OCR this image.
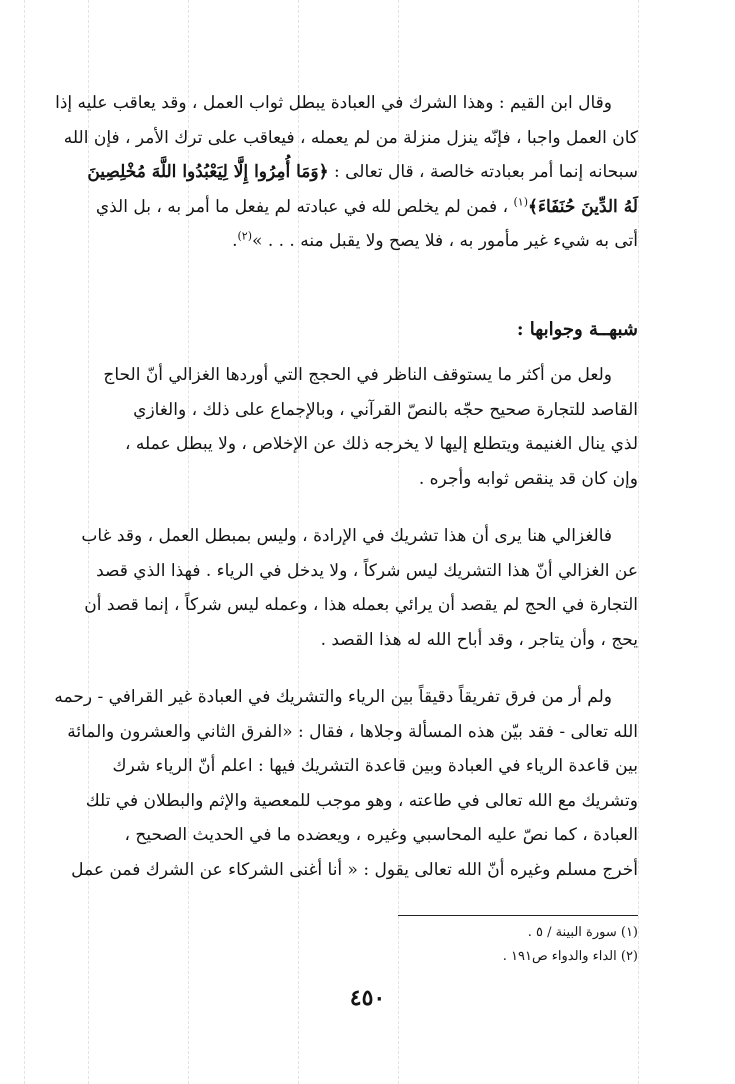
وقال ابن القيم : وهذا الشرك في العبادة يبطل ثواب العمل ، وقد يعاقب عليه إذا
كان العمل واجبا ، فإنّه ينزل منزلة من لم يعمله ، فيعاقب على ترك الأمر ، فإن الله
سبحانه إنما أمر بعبادته خالصة ، قال تعالى : ﴿وَمَا أُمِرُوا إِلَّا لِيَعْبُدُوا اللَّهَ مُخْلِصِينَ
لَهُ الدِّينَ حُنَفَاءَ﴾$^{(١)}$ ، فمن لم يخلص لله في عبادته لم يفعل ما أمر به ، بل الذي
أتى به شيء غير مأمور به ، فلا يصح ولا يقبل منه . . . »$^{(٢)}$.
شبهــة وجوابها :
ولعل من أكثر ما يستوقف الناظر في الحجج التي أوردها الغزالي أنّ الحاج
القاصد للتجارة صحيح حجّه بالنصّ القرآني ، وبالإجماع على ذلك ، والغازي
لذي ينال الغنيمة ويتطلع إليها لا يخرجه ذلك عن الإخلاص ، ولا يبطل عمله ،
وإن كان قد ينقص ثوابه وأجره .
فالغزالي هنا يرى أن هذا تشريك في الإرادة ، وليس بمبطل العمل ، وقد غاب
عن الغزالي أنّ هذا التشريك ليس شركاً ، ولا يدخل في الرياء . فهذا الذي قصد
التجارة في الحج لم يقصد أن يرائي بعمله هذا ، وعمله ليس شركاً ، إنما قصد أن
يحج ، وأن يتاجر ، وقد أباح الله له هذا القصد .
ولم أر من فرق تفريقاً دقيقاً بين الرياء والتشريك في العبادة غير القرافي - رحمه
الله تعالى - فقد بيّن هذه المسألة وجلاها ، فقال : «الفرق الثاني والعشرون والمائة
بين قاعدة الرياء في العبادة وبين قاعدة التشريك فيها : اعلم أنّ الرياء شرك
وتشريك مع الله تعالى في طاعته ، وهو موجب للمعصية والإثم والبطلان في تلك
العبادة ، كما نصّ عليه المحاسبي وغيره ، ويعضده ما في الحديث الصحيح ،
أخرج مسلم وغيره أنّ الله تعالى يقول : « أنا أغنى الشركاء عن الشرك فمن عمل
(١) سورة البينة / ٥ .
(٢) الداء والدواء ص١٩١ .
٤٥٠
